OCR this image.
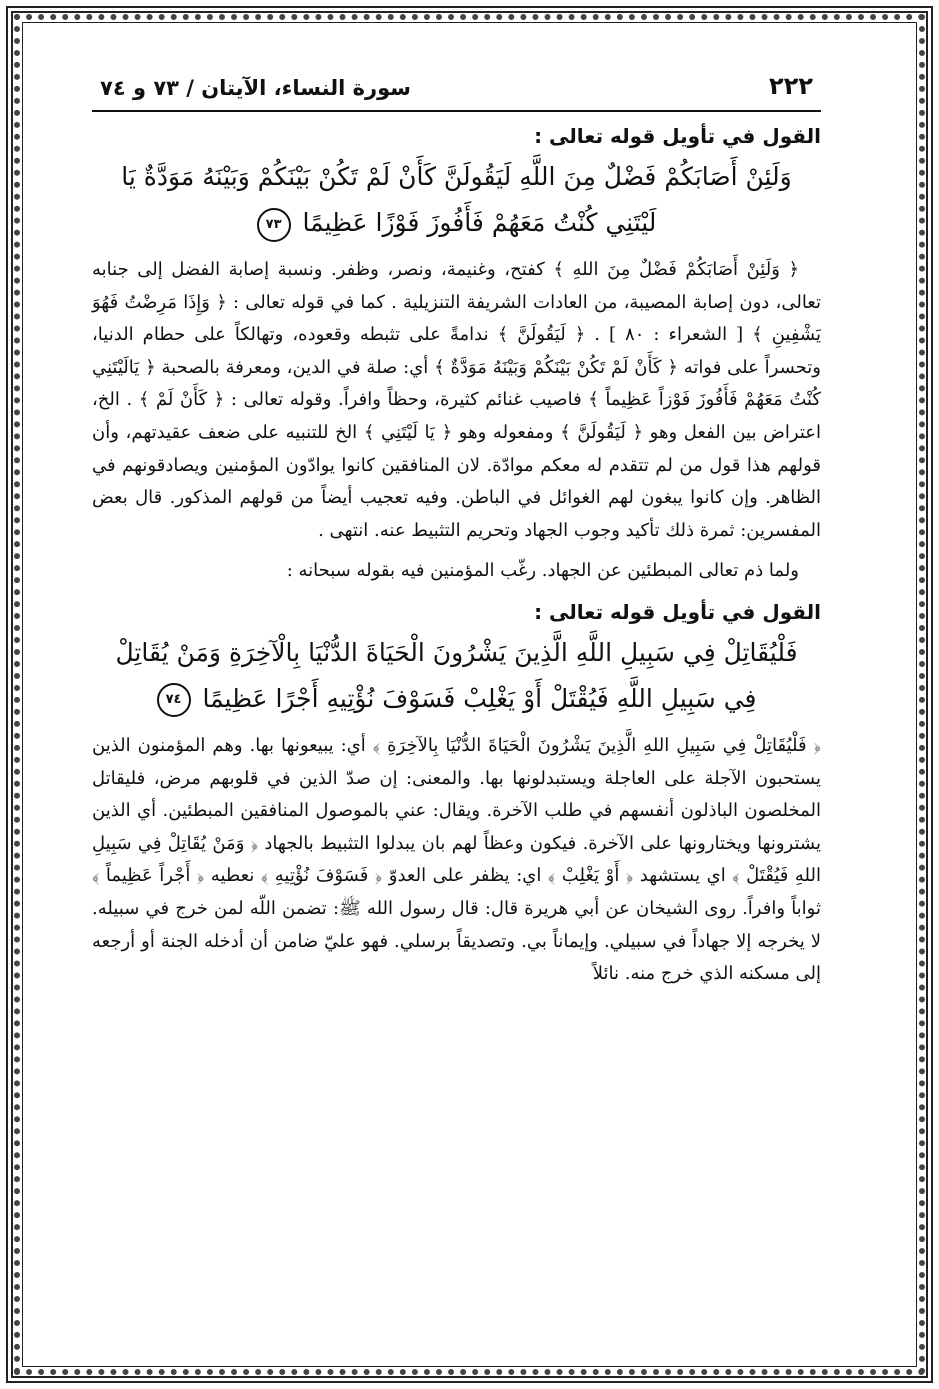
٢٢٢
سورة النساء، الآيتان / ٧٣ و ٧٤
القول في تأويل قوله تعالى :
وَلَئِنْ أَصَابَكُمْ فَضْلٌ مِنَ اللَّهِ لَيَقُولَنَّ كَأَنْ لَمْ تَكُنْ بَيْنَكُمْ وَبَيْنَهُ مَوَدَّةٌ يَا لَيْتَنِي كُنْتُ مَعَهُمْ فَأَفُوزَ فَوْزًا عَظِيمًا ٧٣

﴿ وَلَئِنْ أَصَابَكُمْ فَضْلٌ مِنَ اللهِ ﴾ كفتح، وغنيمة، ونصر، وظفر. ونسبة إصابة الفضل إلى جنابه تعالى، دون إصابة المصيبة، من العادات الشريفة التنزيلية . كما في قوله تعالى : ﴿ وَإِذَا مَرِضْتُ فَهُوَ يَشْفِينِ ﴾ [ الشعراء : ٨٠ ] . ﴿ لَيَقُولَنَّ ﴾ ندامةً على تثبطه وقعوده، وتهالكاً على حطام الدنيا، وتحسراً على فواته ﴿ كَأَنْ لَمْ تَكُنْ بَيْنَكُمْ وَبَيْنَهُ مَوَدَّةٌ ﴾ أي: صلة في الدين، ومعرفة بالصحبة ﴿ يَالَيْتَنِي كُنْتُ مَعَهُمْ فَأَفُوزَ فَوْزاً عَظِيماً ﴾ فاصيب غنائم كثيرة، وحظاً وافراً. وقوله تعالى : ﴿ كَأَنْ لَمْ ﴾ . الخ، اعتراض بين الفعل وهو ﴿ لَيَقُولَنَّ ﴾ ومفعوله وهو ﴿ يَا لَيْتَنِي ﴾ الخ للتنبيه على ضعف عقيدتهم، وأن قولهم هذا قول من لم تتقدم له معكم موادّة. لان المنافقين كانوا يوادّون المؤمنين ويصادقونهم في الظاهر. وإن كانوا يبغون لهم الغوائل في الباطن. وفيه تعجيب أيضاً من قولهم المذكور. قال بعض المفسرين: ثمرة ذلك تأكيد وجوب الجهاد وتحريم التثبيط عنه. انتهى .

ولما ذم تعالى المبطئين عن الجهاد. رغّب المؤمنين فيه بقوله سبحانه :

القول في تأويل قوله تعالى :
فَلْيُقَاتِلْ فِي سَبِيلِ اللَّهِ الَّذِينَ يَشْرُونَ الْحَيَاةَ الدُّنْيَا بِالْآخِرَةِ وَمَنْ يُقَاتِلْ فِي سَبِيلِ اللَّهِ فَيُقْتَلْ أَوْ يَغْلِبْ فَسَوْفَ نُؤْتِيهِ أَجْرًا عَظِيمًا ٧٤

﴿ فَلْيُقَاتِلْ فِي سَبِيلِ اللهِ الَّذِينَ يَشْرُونَ الْحَيَاةَ الدُّنْيَا بِالآخِرَةِ ﴾ أي: يبيعونها بها. وهم المؤمنون الذين يستحبون الآجلة على العاجلة ويستبدلونها بها. والمعنى: إن صدّ الذين في قلوبهم مرض، فليقاتل المخلصون الباذلون أنفسهم في طلب الآخرة. ويقال: عني بالموصول المنافقين المبطئين. أي الذين يشترونها ويختارونها على الآخرة. فيكون وعظاً لهم بان يبدلوا التثبيط بالجهاد ﴿ وَمَنْ يُقَاتِلْ فِي سَبِيلِ اللهِ فَيُقْتَلْ ﴾ اي يستشهد ﴿ أَوْ يَغْلِبْ ﴾ اي: يظفر على العدوّ ﴿ فَسَوْفَ نُؤْتِيهِ ﴾ نعطيه ﴿ أَجْراً عَظِيماً ﴾ ثواباً وافراً. روى الشيخان عن أبي هريرة قال: قال رسول الله ﷺ: تضمن اللّه لمن خرج في سبيله. لا يخرجه إلا جهاداً في سبيلي. وإيماناً بي. وتصديقاً برسلي. فهو عليّ ضامن أن أدخله الجنة أو أرجعه إلى مسكنه الذي خرج منه. نائلاً
